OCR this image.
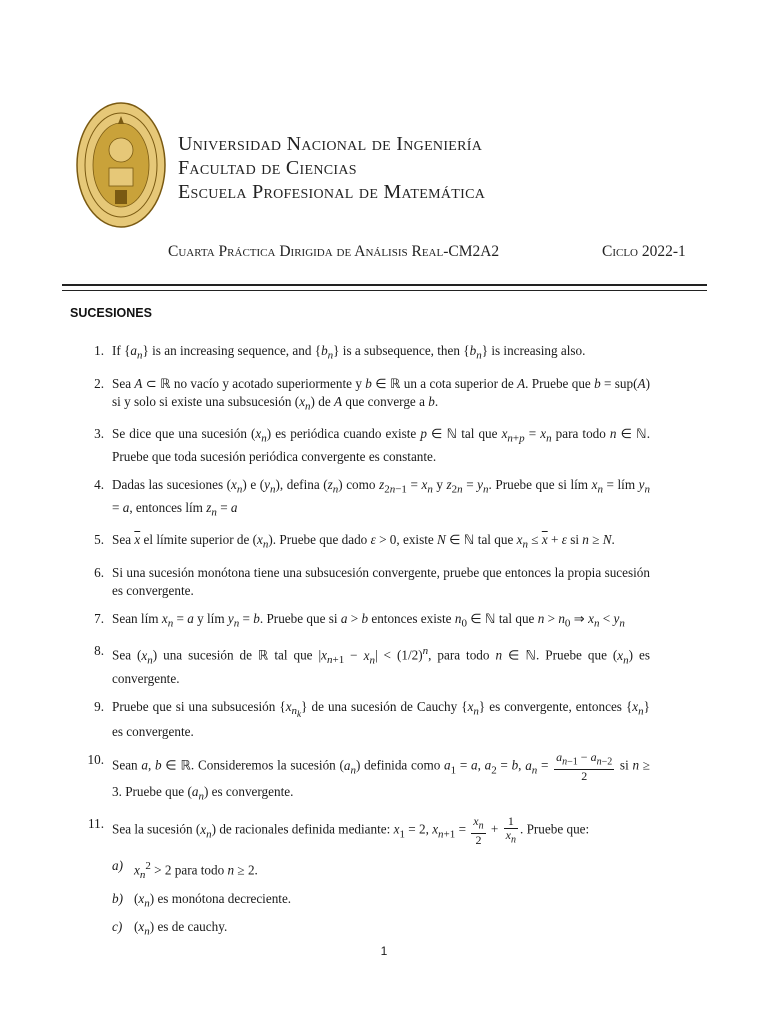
Universidad Nacional de Ingeniería
Facultad de Ciencias
Escuela Profesional de Matemática
Cuarta Práctica Dirigida de Análisis Real-CM2A2	Ciclo 2022-1
SUCESIONES
1. If $\{a_n\}$ is an increasing sequence, and $\{b_n\}$ is a subsequence, then $\{b_n\}$ is increasing also.
2. Sea A ⊂ ℝ no vacío y acotado superiormente y b ∈ ℝ un a cota superior de A. Pruebe que b = sup(A) si y solo si existe una subsucesión $(x_n)$ de A que converge a b.
3. Se dice que una sucesión $(x_n)$ es periódica cuando existe p ∈ ℕ tal que $x_{n+p} = x_n$ para todo n ∈ ℕ. Pruebe que toda sucesión periódica convergente es constante.
4. Dadas las sucesiones $(x_n)$ e $(y_n)$, defina $(z_n)$ como $z_{2n-1} = x_n$ y $z_{2n} = y_n$. Pruebe que si lím $x_n$ = lím $y_n = a$, entonces lím $z_n = a$
5. Sea $\overline{x}$ el límite superior de $(x_n)$. Pruebe que dado ε > 0, existe N ∈ ℕ tal que $x_n \le \overline{x} + \varepsilon$ si n ≥ N.
6. Si una sucesión monótona tiene una subsucesión convergente, pruebe que entonces la propia sucesión es convergente.
7. Sean lím $x_n = a$ y lím $y_n = b$. Pruebe que si a > b entonces existe $n_0$ ∈ ℕ tal que $n > n_0$ ⇒ $x_n < y_n$
8. Sea $(x_n)$ una sucesión de ℝ tal que $|x_{n+1} - x_n| < (1/2)^n$, para todo n ∈ ℕ. Pruebe que $(x_n)$ es convergente.
9. Pruebe que si una subsucesión $\{x_{n_k}\}$ de una sucesión de Cauchy $\{x_n\}$ es convergente, entonces $\{x_n\}$ es convergente.
10. Sean a, b ∈ ℝ. Consideremos la sucesión $(a_n)$ definida como $a_1 = a$, $a_2 = b$, $a_n = \frac{a_{n-1} - a_{n-2}}{2}$ si n ≥ 3. Pruebe que $(a_n)$ es convergente.
11. Sea la sucesión $(x_n)$ de racionales definida mediante: $x_1 = 2$, $x_{n+1} = \frac{x_n}{2} + \frac{1}{x_n}$ . Pruebe que:
a) $x_n^2 > 2$ para todo n ≥ 2.
b) $(x_n)$ es monótona decreciente.
c) $(x_n)$ es de cauchy.
1
